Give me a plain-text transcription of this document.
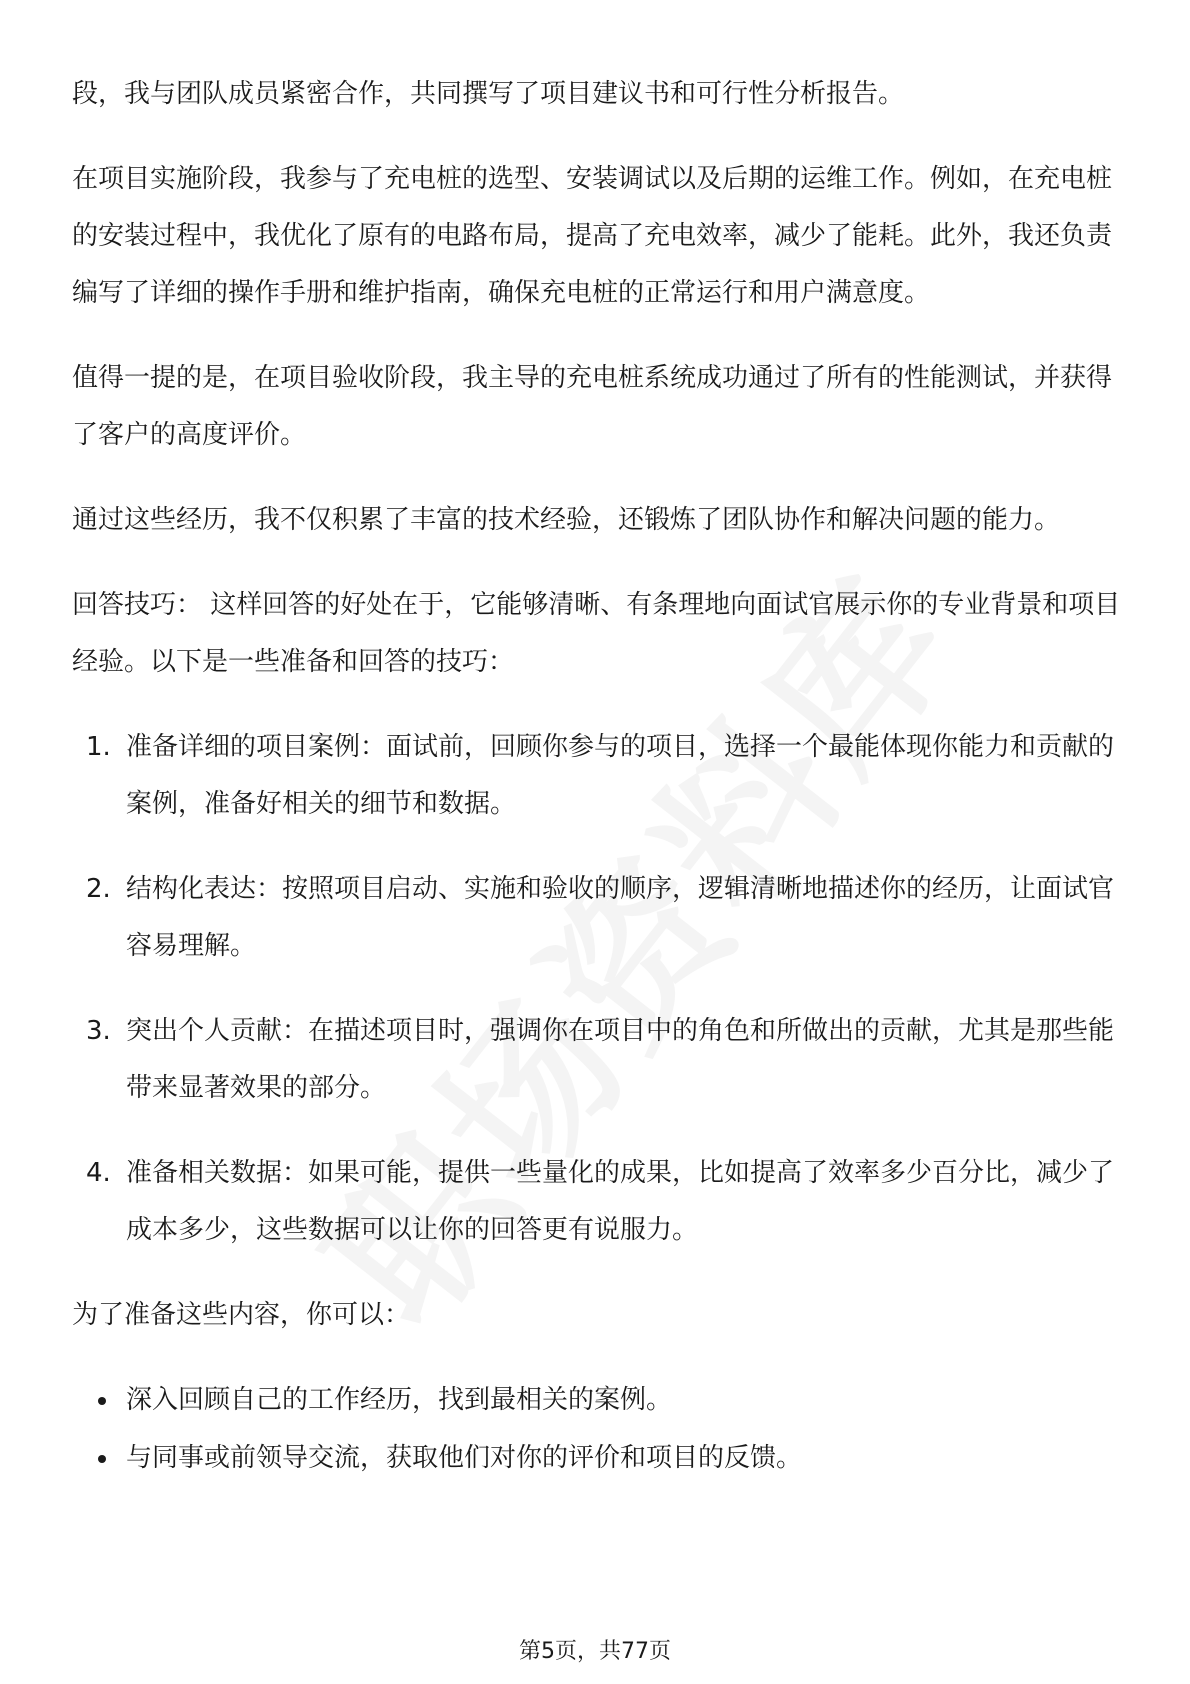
段，我与团队成员紧密合作，共同撰写了项目建议书和可行性分析报告。

在项目实施阶段，我参与了充电桩的选型、安装调试以及后期的运维工作。例如，在充电桩的安装过程中，我优化了原有的电路布局，提高了充电效率，减少了能耗。此外，我还负责编写了详细的操作手册和维护指南，确保充电桩的正常运行和用户满意度。

值得一提的是，在项目验收阶段，我主导的充电桩系统成功通过了所有的性能测试，并获得了客户的高度评价。

通过这些经历，我不仅积累了丰富的技术经验，还锻炼了团队协作和解决问题的能力。

回答技巧： 这样回答的好处在于，它能够清晰、有条理地向面试官展示你的专业背景和项目经验。以下是一些准备和回答的技巧：

1. 准备详细的项目案例：面试前，回顾你参与的项目，选择一个最能体现你能力和贡献的案例，准备好相关的细节和数据。
2. 结构化表达：按照项目启动、实施和验收的顺序，逻辑清晰地描述你的经历，让面试官容易理解。
3. 突出个人贡献：在描述项目时，强调你在项目中的角色和所做出的贡献，尤其是那些能带来显著效果的部分。
4. 准备相关数据：如果可能，提供一些量化的成果，比如提高了效率多少百分比，减少了成本多少，这些数据可以让你的回答更有说服力。

为了准备这些内容，你可以：

深入回顾自己的工作经历，找到最相关的案例。
与同事或前领导交流，获取他们对你的评价和项目的反馈。
第5页，共77页
